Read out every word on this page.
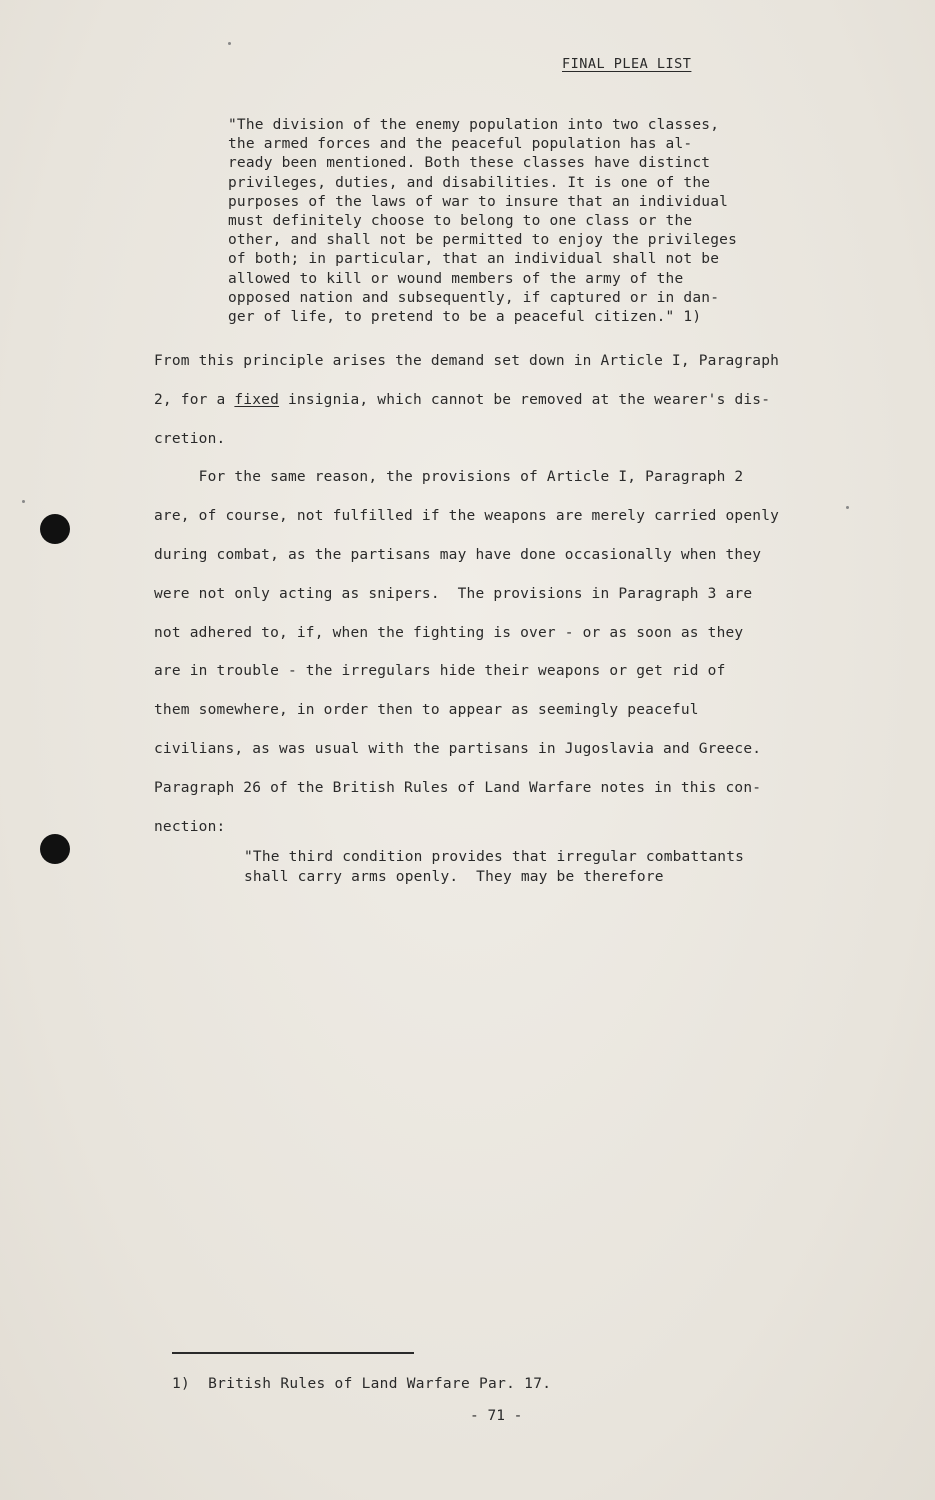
FINAL PLEA LIST
"The division of the enemy population into two classes,
the armed forces and the peaceful population has al-
ready been mentioned. Both these classes have distinct
privileges, duties, and disabilities. It is one of the
purposes of the laws of war to insure that an individual
must definitely choose to belong to one class or the
other, and shall not be permitted to enjoy the privileges
of both; in particular, that an individual shall not be
allowed to kill or wound members of the army of the
opposed nation and subsequently, if captured or in dan-
ger of life, to pretend to be a peaceful citizen." 1)
From this principle arises the demand set down in Article I, Paragraph
2, for a fixed insignia, which cannot be removed at the wearer's dis-
cretion.
For the same reason, the provisions of Article I, Paragraph 2
are, of course, not fulfilled if the weapons are merely carried openly
during combat, as the partisans may have done occasionally when they
were not only acting as snipers.  The provisions in Paragraph 3 are
not adhered to, if, when the fighting is over - or as soon as they
are in trouble - the irregulars hide their weapons or get rid of
them somewhere, in order then to appear as seemingly peaceful
civilians, as was usual with the partisans in Jugoslavia and Greece.
Paragraph 26 of the British Rules of Land Warfare notes in this con-
nection:
"The third condition provides that irregular combattants
shall carry arms openly.  They may be therefore
1)  British Rules of Land Warfare Par. 17.
- 71 -
